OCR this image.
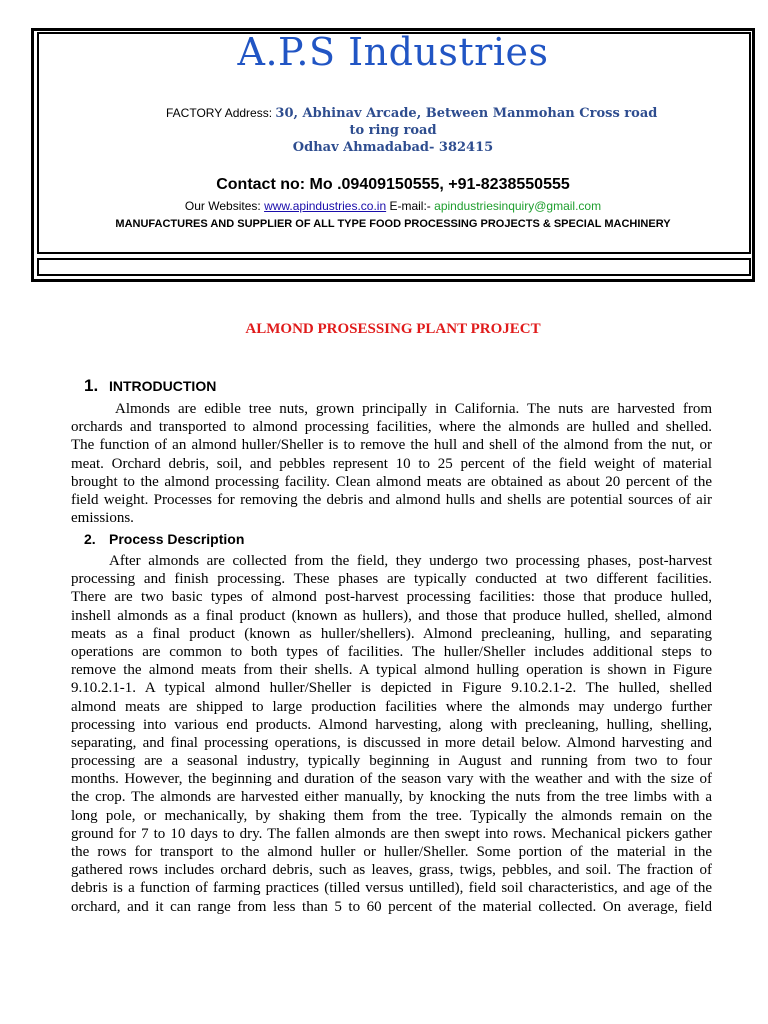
A.P.S Industries
FACTORY Address: 30, Abhinav Arcade, Between Manmohan Cross road
to ring road
Odhav Ahmadabad- 382415
Contact no: Mo .09409150555, +91-8238550555
Our Websites: www.apindustries.co.in E-mail:- apindustriesinquiry@gmail.com
MANUFACTURES AND SUPPLIER OF ALL TYPE FOOD PROCESSING PROJECTS & SPECIAL MACHINERY
ALMOND PROSESSING PLANT PROJECT
1. INTRODUCTION
Almonds are edible tree nuts, grown principally in California. The nuts are harvested from
orchards and transported to almond processing facilities, where the almonds are hulled and shelled.
The function of an almond huller/Sheller is to remove the hull and shell of the almond from the nut, or
meat. Orchard debris, soil, and pebbles represent 10 to 25 percent of the field weight of material
brought to the almond processing facility. Clean almond meats are obtained as about 20 percent of the
field weight. Processes for removing the debris and almond hulls and shells are potential sources of air
emissions.
2. Process Description
After almonds are collected from the field, they undergo two processing phases, post-harvest
processing and finish processing. These phases are typically conducted at two different facilities.
There are two basic types of almond post-harvest processing facilities: those that produce hulled,
inshell almonds as a final product (known as hullers), and those that produce hulled, shelled, almond
meats as a final product (known as huller/shellers). Almond precleaning, hulling, and separating
operations are common to both types of facilities. The huller/Sheller includes additional steps to
remove the almond meats from their shells. A typical almond hulling operation is shown in Figure
9.10.2.1-1. A typical almond huller/Sheller is depicted in Figure 9.10.2.1-2. The hulled, shelled
almond meats are shipped to large production facilities where the almonds may undergo further
processing into various end products. Almond harvesting, along with precleaning, hulling, shelling,
separating, and final processing operations, is discussed in more detail below. Almond harvesting and
processing are a seasonal industry, typically beginning in August and running from two to four
months. However, the beginning and duration of the season vary with the weather and with the size of
the crop. The almonds are harvested either manually, by knocking the nuts from the tree limbs with a
long pole, or mechanically, by shaking them from the tree. Typically the almonds remain on the
ground for 7 to 10 days to dry. The fallen almonds are then swept into rows. Mechanical pickers gather
the rows for transport to the almond huller or huller/Sheller. Some portion of the material in the
gathered rows includes orchard debris, such as leaves, grass, twigs, pebbles, and soil. The fraction of
debris is a function of farming practices (tilled versus untilled), field soil characteristics, and age of the
orchard, and it can range from less than 5 to 60 percent of the material collected. On average, field
